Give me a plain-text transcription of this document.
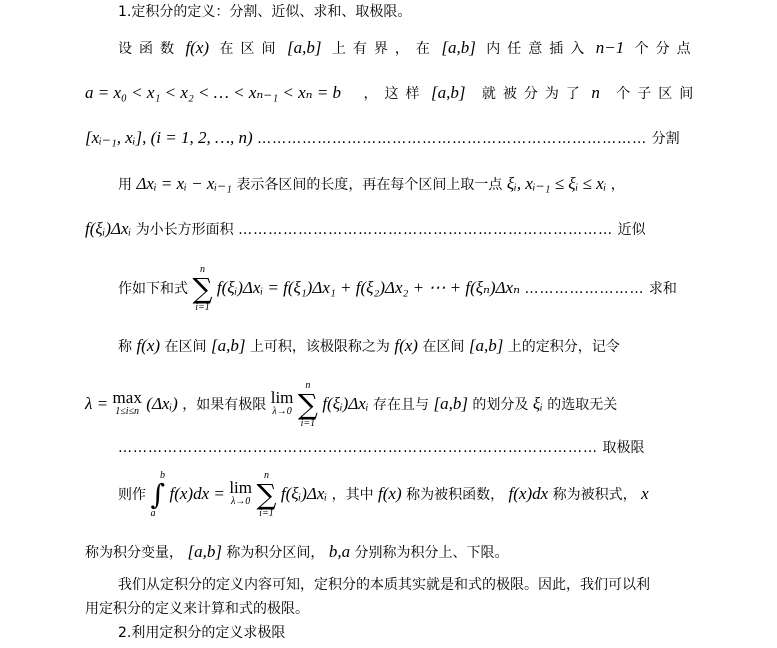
1.定积分的定义：分割、近似、求和、取极限。
设函数 f(x) 在区间 [a,b] 上有界，在 [a,b] 内任意插入 n−1 个分点
a = x₀ < x₁ < x₂ < … < xₙ₋₁ < xₙ = b ，这样 [a,b] 就被分为了 n 个子区间
[xᵢ₋₁, xᵢ], (i = 1, 2, …, n) …………………………………………………………………… 分割
用 Δxᵢ = xᵢ − xᵢ₋₁ 表示各区间的长度，再在每个区间上取一点 ξᵢ, xᵢ₋₁ ≤ ξᵢ ≤ xᵢ ，
f(ξᵢ)Δxᵢ 为小长方形面积 ………………………………………………………………… 近似
作如下和式
n
∑
i=1
f(ξᵢ)Δxᵢ = f(ξ₁)Δx₁ + f(ξ₂)Δx₂ + ⋯ + f(ξₙ)Δxₙ …………………… 求和
称 f(x) 在区间 [a,b] 上可积，该极限称之为 f(x) 在区间 [a,b] 上的定积分，记令
λ = max
1≤i≤n (Δxᵢ) ，如果有极限 lim
λ→0

n
∑
i=1
f(ξᵢ)Δxᵢ 存在且与 [a,b] 的划分及 ξᵢ 的选取无关
…………………………………………………………………………………… 取极限
则作
b
∫
a
f(x)dx = lim
λ→0

n
∑
i=1
f(ξᵢ)Δxᵢ ，其中 f(x) 称为被积函数， f(x)dx 称为被积式， x
称为积分变量， [a,b] 称为积分区间， b,a 分别称为积分上、下限。
我们从定积分的定义内容可知，定积分的本质其实就是和式的极限。因此，我们可以利
用定积分的定义来计算和式的极限。
2.利用定积分的定义求极限
